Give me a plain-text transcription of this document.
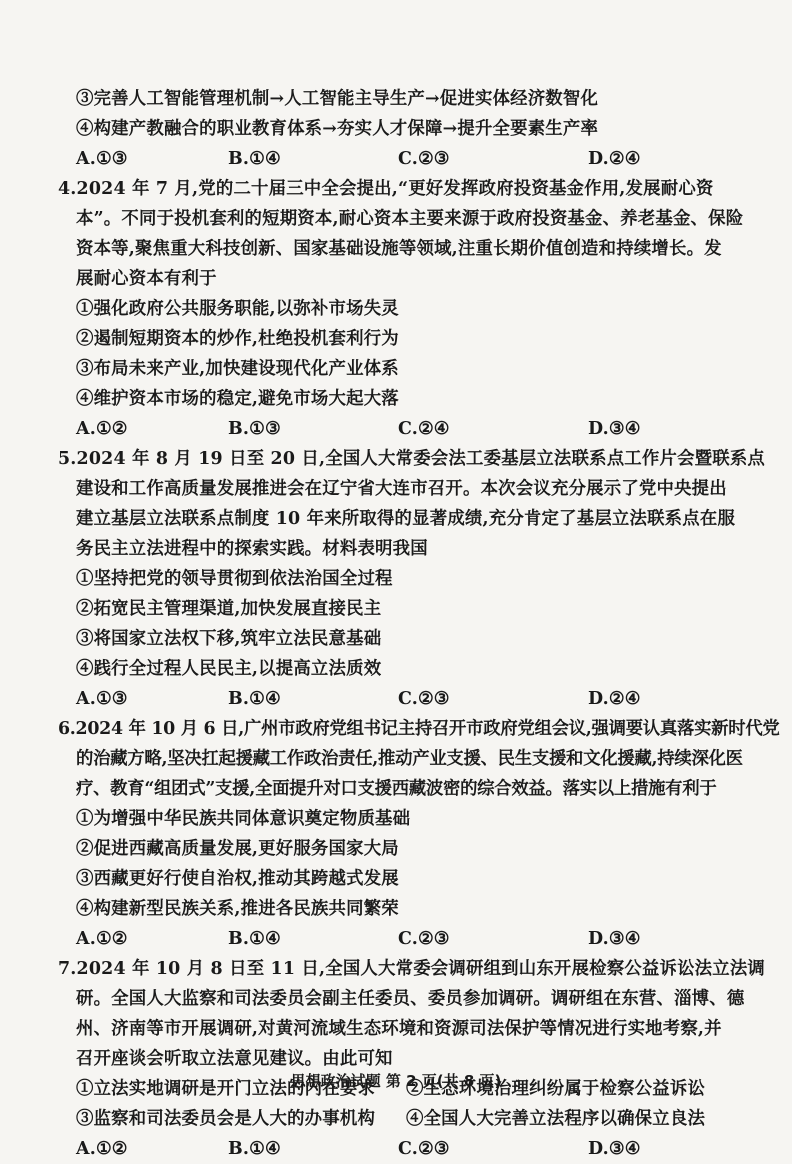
③完善人工智能管理机制→人工智能主导生产→促进实体经济数智化
④构建产教融合的职业教育体系→夯实人才保障→提升全要素生产率
A.①③	B.①④	C.②③	D.②④
4.2024 年 7 月,党的二十届三中全会提出,“更好发挥政府投资基金作用,发展耐心资
本”。不同于投机套利的短期资本,耐心资本主要来源于政府投资基金、养老基金、保险
资本等,聚焦重大科技创新、国家基础设施等领域,注重长期价值创造和持续增长。发
展耐心资本有利于
①强化政府公共服务职能,以弥补市场失灵
②遏制短期资本的炒作,杜绝投机套利行为
③布局未来产业,加快建设现代化产业体系
④维护资本市场的稳定,避免市场大起大落
A.①②	B.①③	C.②④	D.③④
5.2024 年 8 月 19 日至 20 日,全国人大常委会法工委基层立法联系点工作片会暨联系点
建设和工作高质量发展推进会在辽宁省大连市召开。本次会议充分展示了党中央提出
建立基层立法联系点制度 10 年来所取得的显著成绩,充分肯定了基层立法联系点在服
务民主立法进程中的探索实践。材料表明我国
①坚持把党的领导贯彻到依法治国全过程
②拓宽民主管理渠道,加快发展直接民主
③将国家立法权下移,筑牢立法民意基础
④践行全过程人民民主,以提高立法质效
A.①③	B.①④	C.②③	D.②④
6.2024 年 10 月 6 日,广州市政府党组书记主持召开市政府党组会议,强调要认真落实新时代党
的治藏方略,坚决扛起援藏工作政治责任,推动产业支援、民生支援和文化援藏,持续深化医
疗、教育“组团式”支援,全面提升对口支援西藏波密的综合效益。落实以上措施有利于
①为增强中华民族共同体意识奠定物质基础
②促进西藏高质量发展,更好服务国家大局
③西藏更好行使自治权,推动其跨越式发展
④构建新型民族关系,推进各民族共同繁荣
A.①②	B.①④	C.②③	D.③④
7.2024 年 10 月 8 日至 11 日,全国人大常委会调研组到山东开展检察公益诉讼法立法调
研。全国人大监察和司法委员会副主任委员、委员参加调研。调研组在东营、淄博、德
州、济南等市开展调研,对黄河流域生态环境和资源司法保护等情况进行实地考察,并
召开座谈会听取立法意见建议。由此可知
①立法实地调研是开门立法的内在要求	②生态环境治理纠纷属于检察公益诉讼
③监察和司法委员会是人大的办事机构	④全国人大完善立法程序以确保立良法
A.①②	B.①④	C.②③	D.③④
思想政治试题 第 2 页(共 8 页)
